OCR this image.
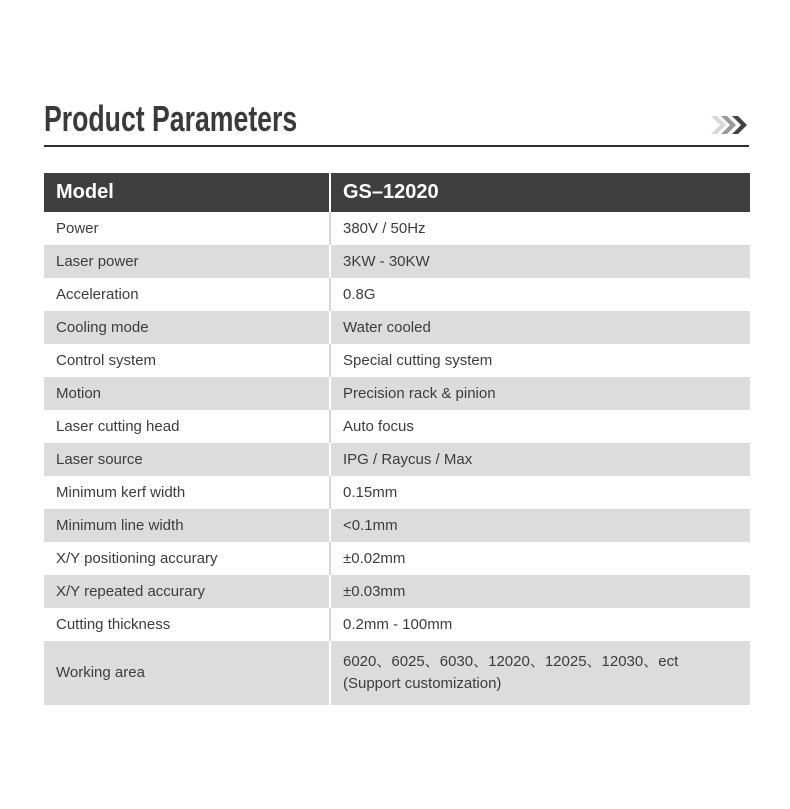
Product Parameters
Model	GS–12020
Power	380V / 50Hz
Laser power	3KW - 30KW
Acceleration	0.8G
Cooling mode	Water cooled
Control system	Special cutting system
Motion	Precision rack & pinion
Laser cutting head	Auto focus
Laser source	IPG / Raycus / Max
Minimum kerf width	0.15mm
Minimum line width	<0.1mm
X/Y positioning accurary	±0.02mm
X/Y repeated accurary	±0.03mm
Cutting thickness	0.2mm - 100mm
Working area	6020、6025、6030、12020、12025、12030、ect
(Support customization)
